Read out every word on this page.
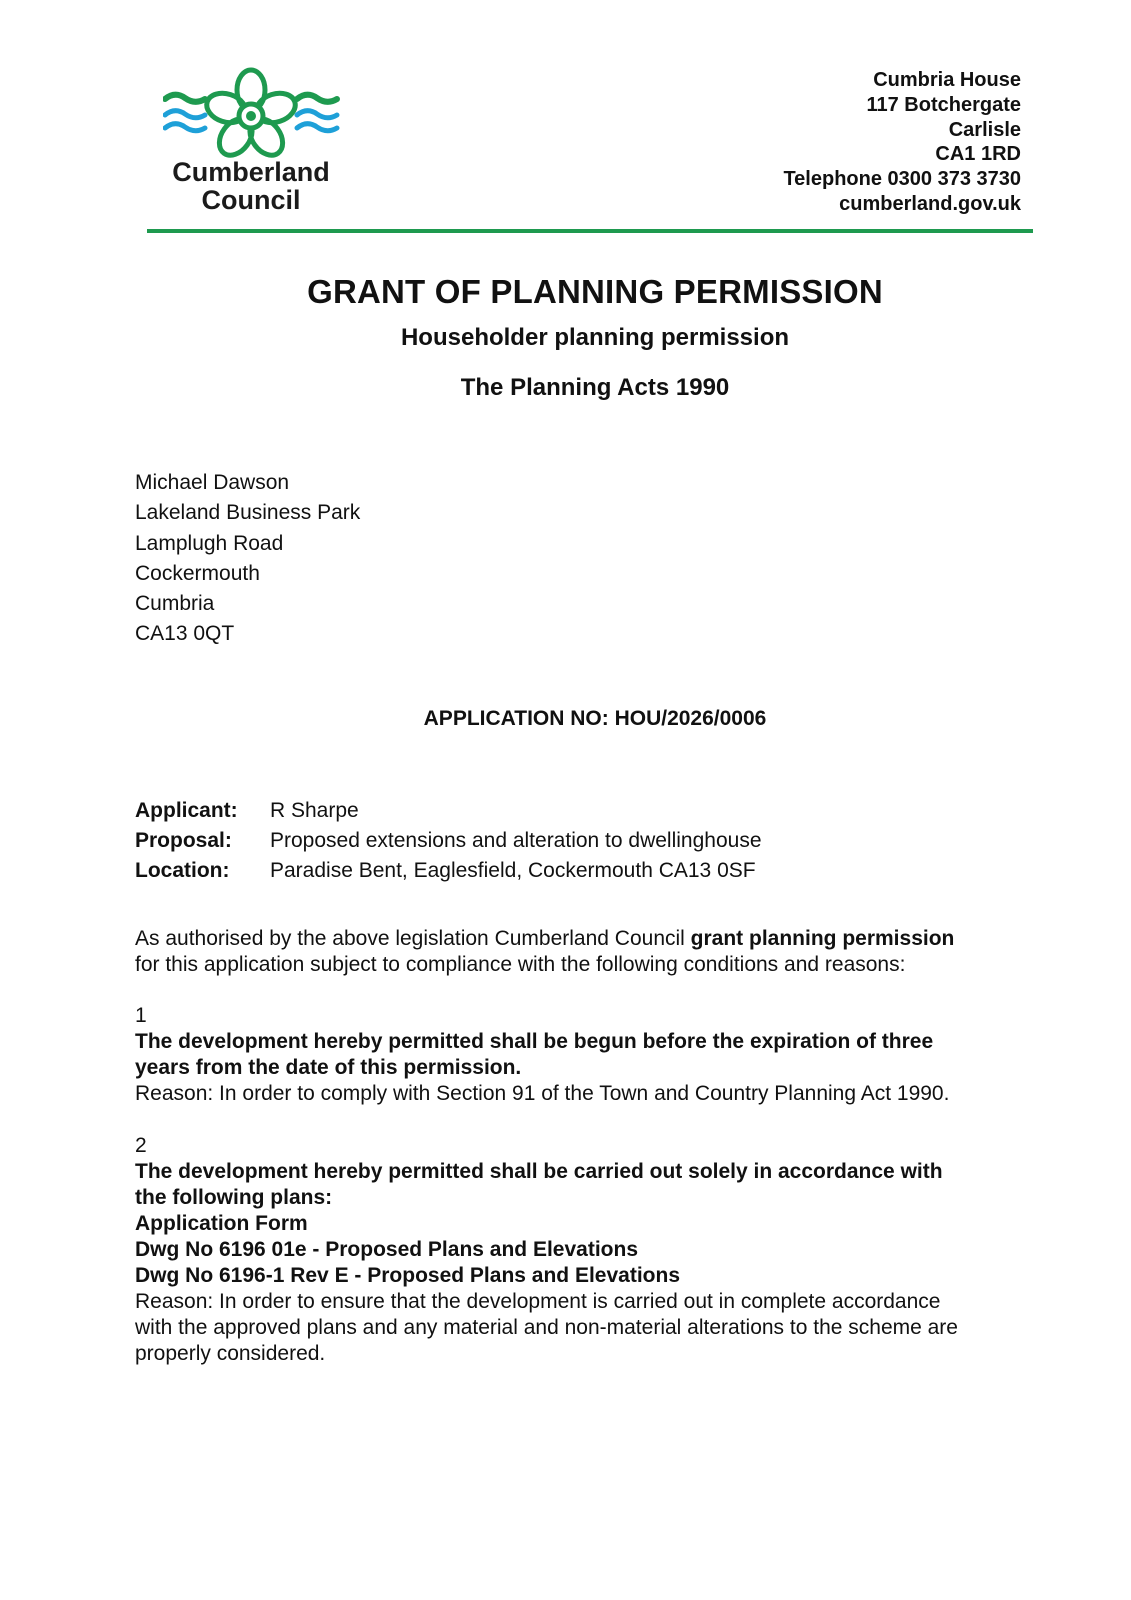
Cumberland
Council
Cumbria House
117 Botchergate
Carlisle
CA1 1RD
Telephone 0300 373 3730
cumberland.gov.uk
GRANT OF PLANNING PERMISSION
Householder planning permission
The Planning Acts 1990
Michael Dawson
Lakeland Business Park
Lamplugh Road
Cockermouth
Cumbria
CA13 0QT
APPLICATION NO: HOU/2026/0006
Applicant:	R Sharpe
Proposal:	Proposed extensions and alteration to dwellinghouse
Location:	Paradise Bent, Eaglesfield, Cockermouth CA13 0SF
As authorised by the above legislation Cumberland Council grant planning permission
for this application subject to compliance with the following conditions and reasons:
1
The development hereby permitted shall be begun before the expiration of three
years from the date of this permission.
Reason: In order to comply with Section 91 of the Town and Country Planning Act 1990.
2
The development hereby permitted shall be carried out solely in accordance with
the following plans:
Application Form
Dwg No 6196 01e - Proposed Plans and Elevations
Dwg No 6196-1 Rev E - Proposed Plans and Elevations
Reason: In order to ensure that the development is carried out in complete accordance
with the approved plans and any material and non-material alterations to the scheme are
properly considered.
